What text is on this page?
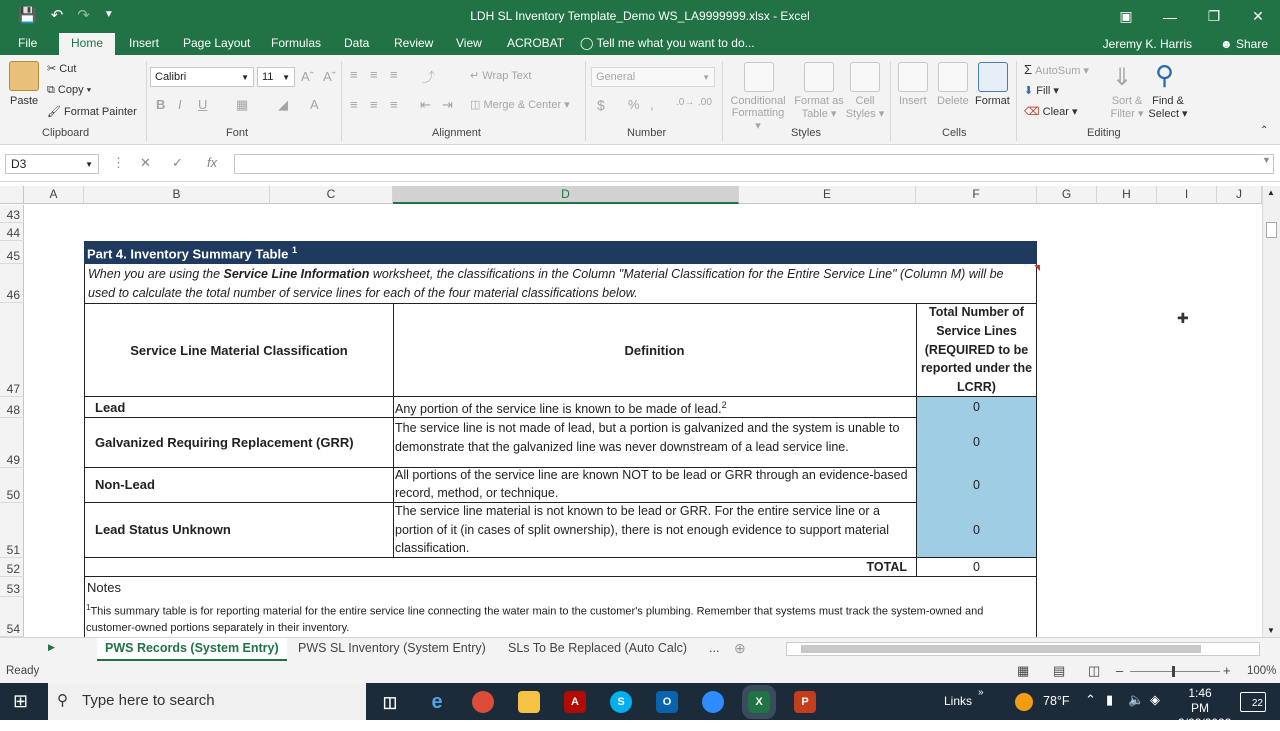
💾 ↶ ↷ ▼	LDH SL Inventory Template_Demo WS_LA9999999.xlsx - Excel	▣	—	❐	✕
File	Home	Insert Page Layout Formulas Data Review View ACROBAT ◯ Tell me what you want to do...	Jeremy K. Harris ☻ Share
Paste
✂ Cut
⧉ Copy ▾
🖌 Format Painter
Clipboard
Calibri	▼	11 ▼ Aˆ Aˇ
B I U ▦ ◢ A
Font
≡ ≡ ≡ ⤴	↵ Wrap Text
≡ ≡ ≡ ⇤ ⇥ ◫ Merge & Center ▾
Alignment
General	▼
$ % , .0→ .00
Number
Conditional
Formatting ▾
Format as
Table ▾
Cell
Styles ▾
Styles
Insert Delete Format
Cells
Σ AutoSum ▾
⬇ Fill ▾
⌫ Clear ▾
⇓
Sort &
Filter ▾
⚲
Find &
Select ▾
Editing	⌃
D3	▼ ⋮ ✕ ✓ fx	▼
A	B	C	D	E	F	G	H	I	J
43
44
45
46
47
48
49
50
51
52
53
54
Part 4. Inventory Summary Table $^1$
When you are using the Service Line Information worksheet, the classifications in the Column "Material Classification for the Entire Service Line" (Column M) will be used to calculate the total number of service lines for each of the four material classifications below.
Service Line Material Classification	Definition
Total Number of Service Lines (REQUIRED to be reported under the LCRR)
Lead	Any portion of the service line is known to be made of lead.$^2$	0
Galvanized Requiring Replacement (GRR)
The service line is not made of lead, but a portion is galvanized and the system is unable to demonstrate that the galvanized line was never downstream of a lead service line.	0
Non-Lead
All portions of the service line are known NOT to be lead or GRR through an evidence-based record, method, or technique.
0
Lead Status Unknown
The service line material is not known to be lead or GRR. For the entire service line or a portion of it (in cases of split ownership), there is not enough evidence to support material classification.
0
TOTAL	0
Notes
$^1$This summary table is for reporting material for the entire service line connecting the water main to the customer's plumbing. Remember that systems must track the system-owned and customer-owned portions separately in their inventory.
✚
▲
▼
▶	PWS Records (System Entry)	PWS SL Inventory (System Entry)	SLs To Be Replaced (Auto Calc)	...	⊕
Ready	▦ ▤ ◫ –	+ 100%
⊞ ⚲ Type here to search	◫ e	A	S	O	X	P	Links
»
78°F ⌃ ▮ 🔈 ◈	1:46 PM
3/22/2023
22
